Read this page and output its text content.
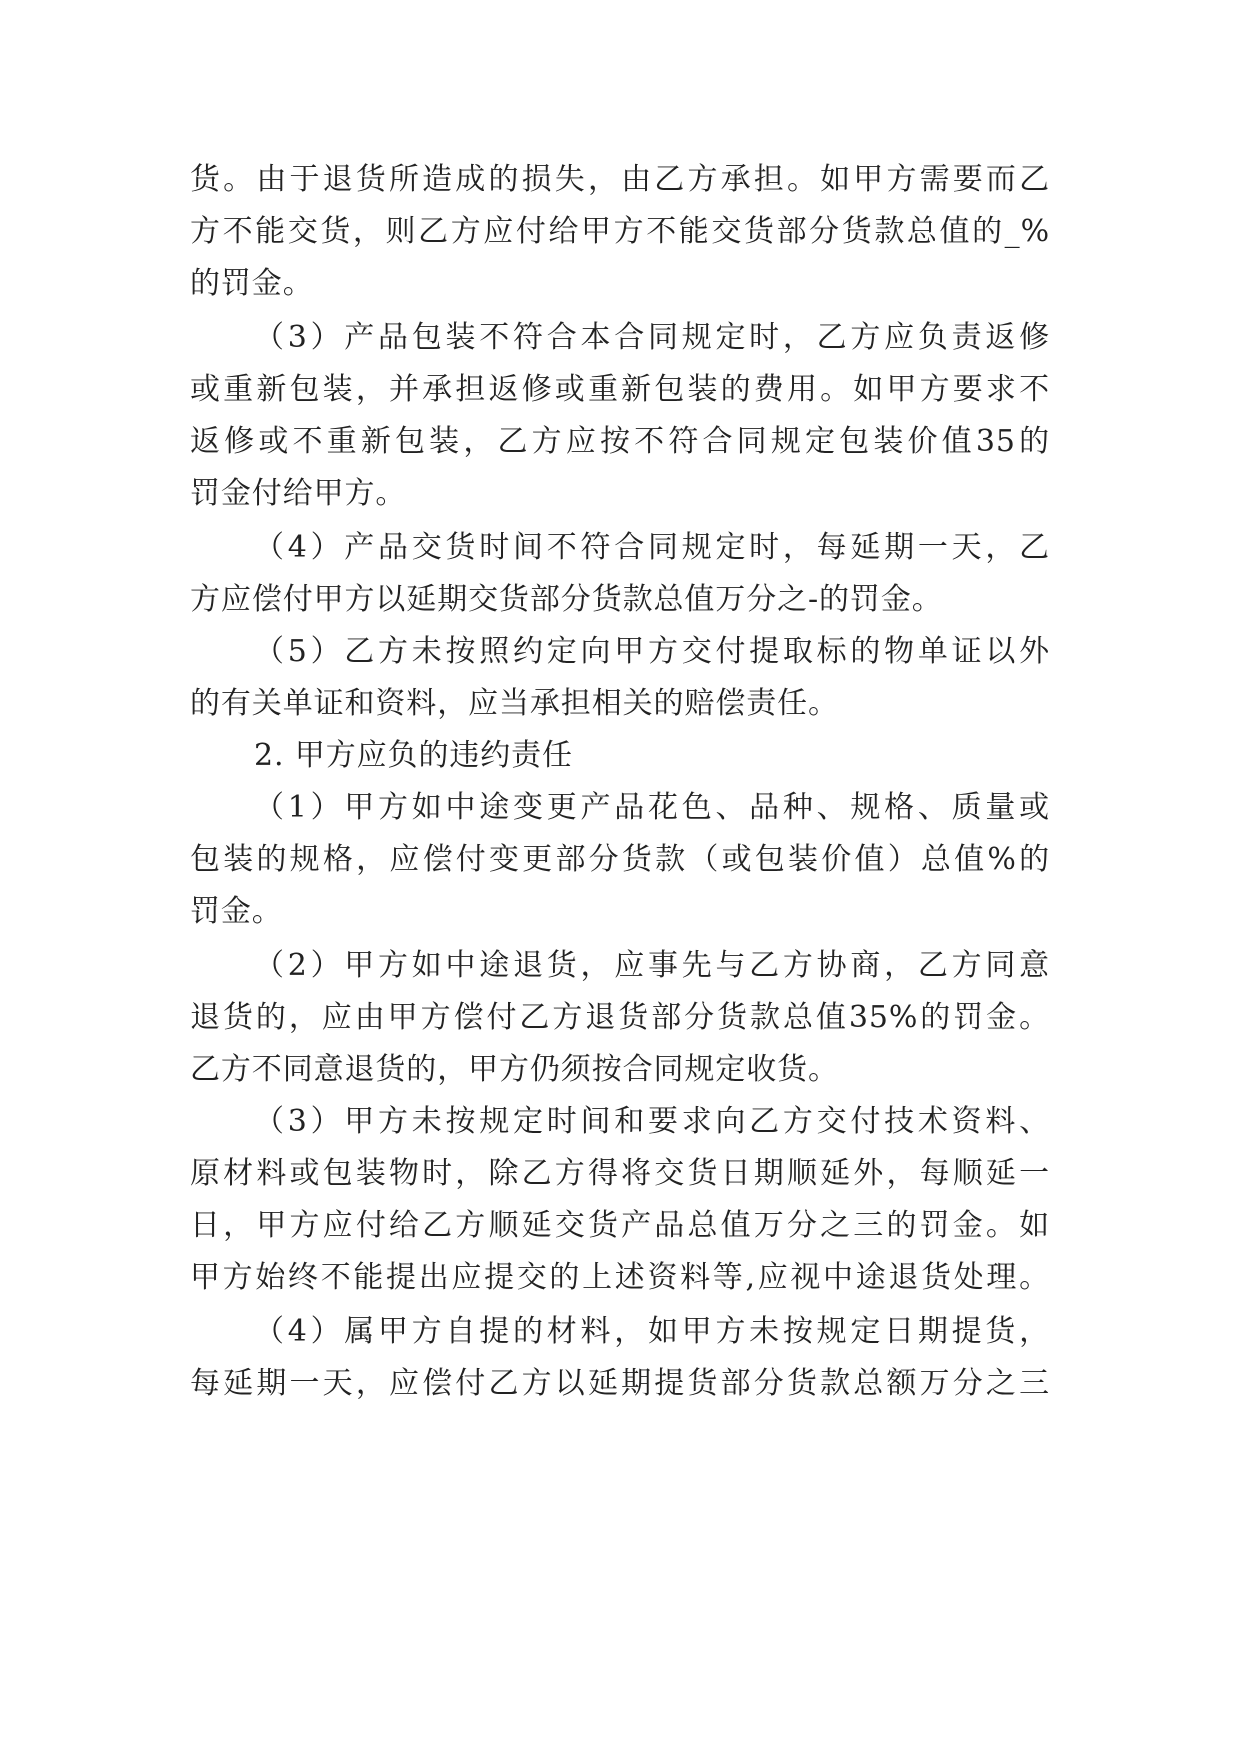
货。由于退货所造成的损失，由乙方承担。如甲方需要而乙
方不能交货，则乙方应付给甲方不能交货部分货款总值的_%
的罚金。
（3）产品包装不符合本合同规定时，乙方应负责返修
或重新包装，并承担返修或重新包装的费用。如甲方要求不
返修或不重新包装，乙方应按不符合同规定包装价值35的
罚金付给甲方。
（4）产品交货时间不符合同规定时，每延期一天，乙
方应偿付甲方以延期交货部分货款总值万分之-的罚金。
（5）乙方未按照约定向甲方交付提取标的物单证以外
的有关单证和资料，应当承担相关的赔偿责任。
2. 甲方应负的违约责任
（1）甲方如中途变更产品花色、品种、规格、质量或
包装的规格，应偿付变更部分货款（或包装价值）总值%的
罚金。
（2）甲方如中途退货，应事先与乙方协商，乙方同意
退货的，应由甲方偿付乙方退货部分货款总值35%的罚金。
乙方不同意退货的，甲方仍须按合同规定收货。
（3）甲方未按规定时间和要求向乙方交付技术资料、
原材料或包装物时，除乙方得将交货日期顺延外，每顺延一
日，甲方应付给乙方顺延交货产品总值万分之三的罚金。如
甲方始终不能提出应提交的上述资料等,应视中途退货处理。
（4）属甲方自提的材料，如甲方未按规定日期提货，
每延期一天，应偿付乙方以延期提货部分货款总额万分之三
